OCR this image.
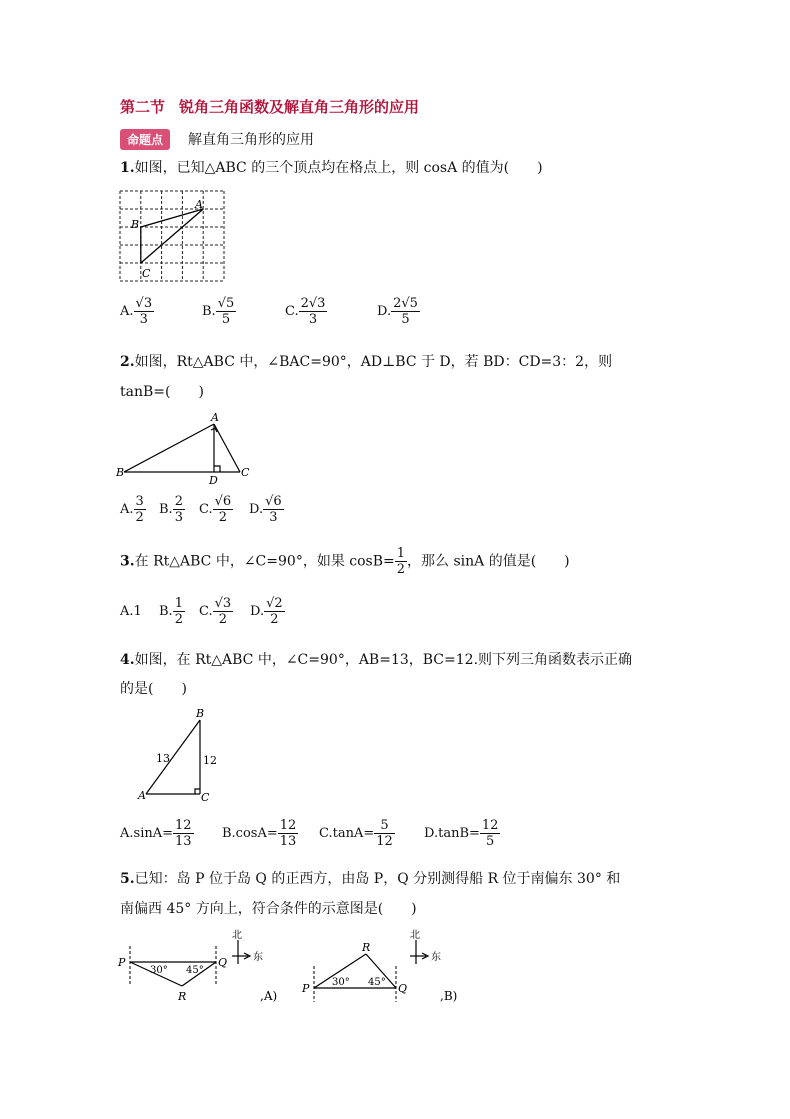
第二节 锐角三角函数及解直角三角形的应用
命题点	解直角三角形的应用
1.如图，已知△ABC 的三个顶点均在格点上，则 cosA 的值为(　　)
A
B
C
A. $\frac{√3}{3}$	B. $\frac{√5}{5}$	C. $\frac{2√3}{3}$	D. $\frac{2√5}{5}$
2.如图，Rt△ABC 中，∠BAC=90°，AD⊥BC 于 D，若 BD：CD=3：2，则
tanB=(　　)
A
B	C
D
A. $\frac{3}{2} B$. $\frac{2}{3} C$. $\frac{√6}{2} D$. $\frac{√6}{3}$
3.在 Rt△ABC 中，∠C=90°，如果 $\cos B= \frac{1}{2}$ ，那么 sinA 的值是(　　)
A.1 B. $\frac{1}{2} C$. $\frac{√3}{2} D$. $\frac{√2}{2}$
4.如图，在 Rt△ABC 中，∠C=90°，AB=13，BC=12.则下列三角函数表示正确
的是(　　)
B
A	C
13	12
$A.\sin A= \frac{12}{13} B.\cos A= \frac{12}{13} C.\tan A= \frac{5}{12} D.\tan B= \frac{12}{5}$
5.已知：岛 P 位于岛 Q 的正西方，由岛 P，Q 分别测得船 R 位于南偏东 30° 和
南偏西 45° 方向上，符合条件的示意图是(　　)
P	Q
R
30° 45°
北
东
,A)
P	Q
R
30° 45°
北
东
,B)
